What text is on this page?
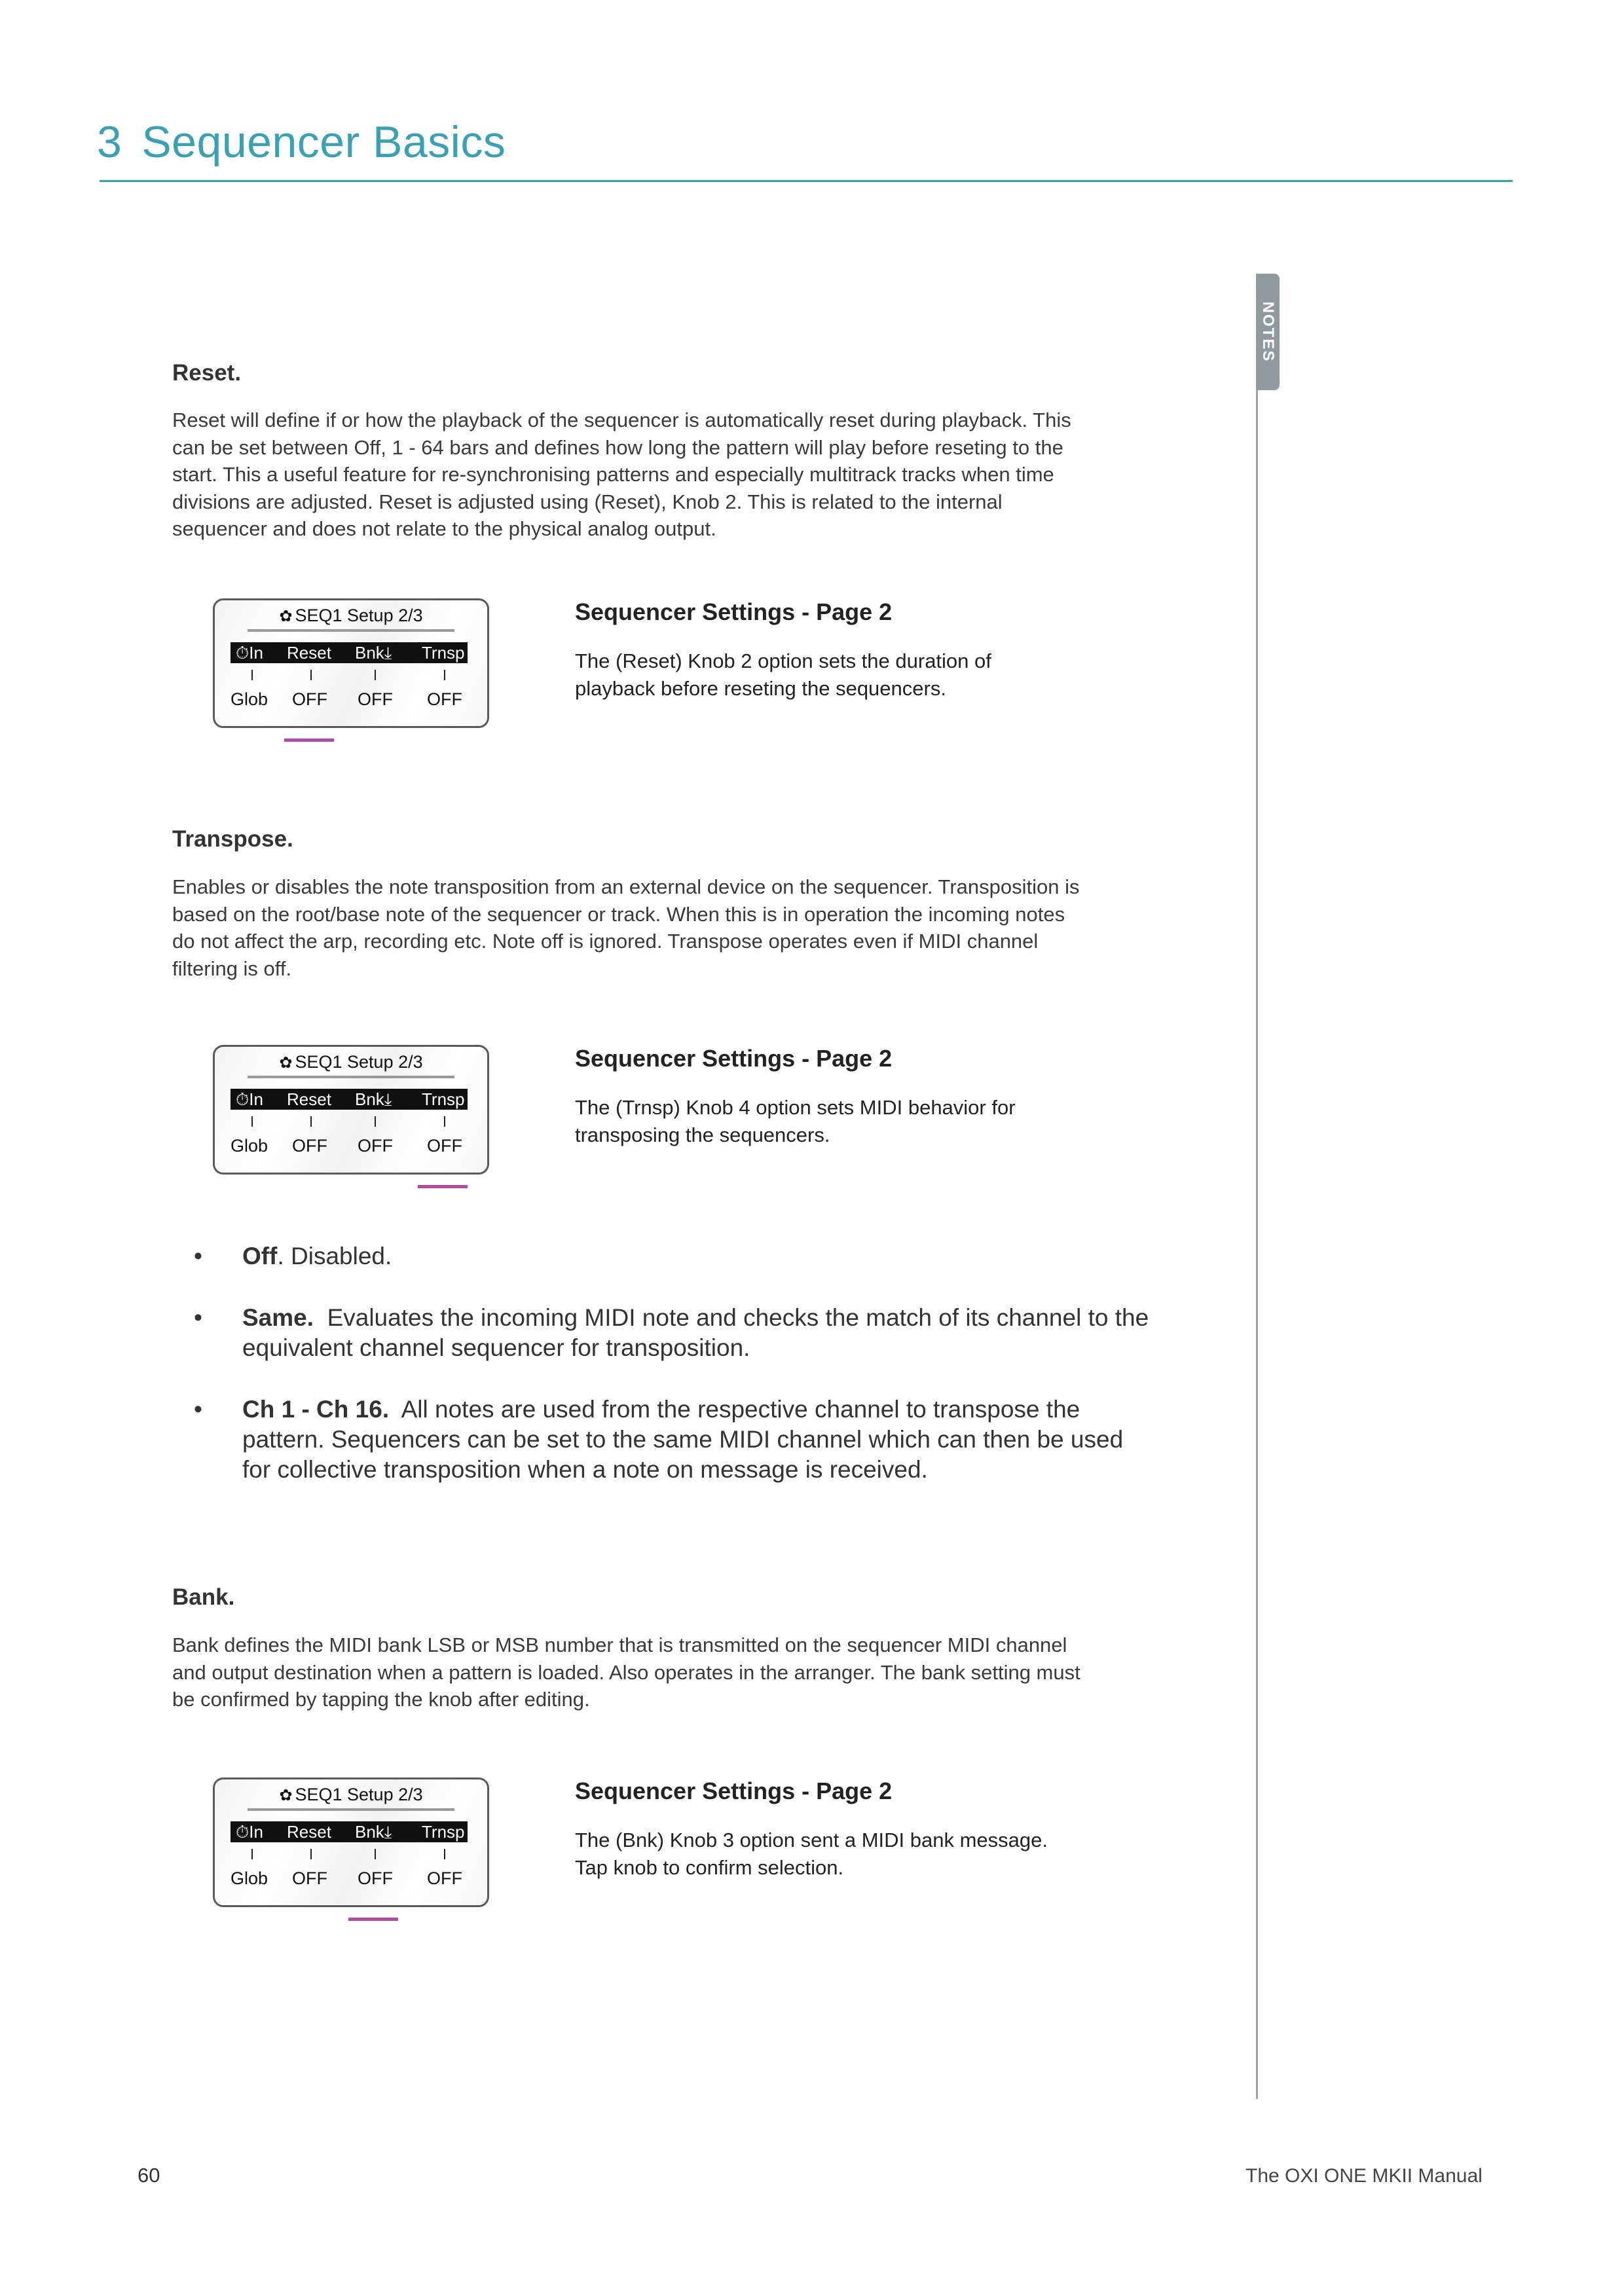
3 Sequencer Basics
NOTES
Reset.
Reset will define if or how the playback of the sequencer is automatically reset during playback. This
can be set between Off, 1 - 64 bars and defines how long the pattern will play before reseting to the
start. This a useful feature for re-synchronising patterns and especially multitrack tracks when time
divisions are adjusted. Reset is adjusted using (Reset), Knob 2. This is related to the internal
sequencer and does not relate to the physical analog output.
✿ SEQ1 Setup 2/3
⏱In Reset Bnk⤓ Trnsp
Glob OFF OFF OFF
Sequencer Settings - Page 2
The (Reset) Knob 2 option sets the duration of
playback before reseting the sequencers.
Transpose.
Enables or disables the note transposition from an external device on the sequencer. Transposition is
based on the root/base note of the sequencer or track. When this is in operation the incoming notes
do not affect the arp, recording etc. Note off is ignored. Transpose operates even if MIDI channel
filtering is off.
✿ SEQ1 Setup 2/3
⏱In Reset Bnk⤓ Trnsp
Glob OFF OFF OFF
Sequencer Settings - Page 2
The (Trnsp) Knob 4 option sets MIDI behavior for
transposing the sequencers.
• Off. Disabled.
• Same.  Evaluates the incoming MIDI note and checks the match of its channel to the
equivalent channel sequencer for transposition.
• Ch 1 - Ch 16.  All notes are used from the respective channel to transpose the
pattern. Sequencers can be set to the same MIDI channel which can then be used
for collective transposition when a note on message is received.
Bank.
Bank defines the MIDI bank LSB or MSB number that is transmitted on the sequencer MIDI channel
and output destination when a pattern is loaded. Also operates in the arranger. The bank setting must
be confirmed by tapping the knob after editing.
✿ SEQ1 Setup 2/3
⏱In Reset Bnk⤓ Trnsp
Glob OFF OFF OFF
Sequencer Settings - Page 2
The (Bnk) Knob 3 option sent a MIDI bank message.
Tap knob to confirm selection.
60	The OXI ONE MKII Manual
